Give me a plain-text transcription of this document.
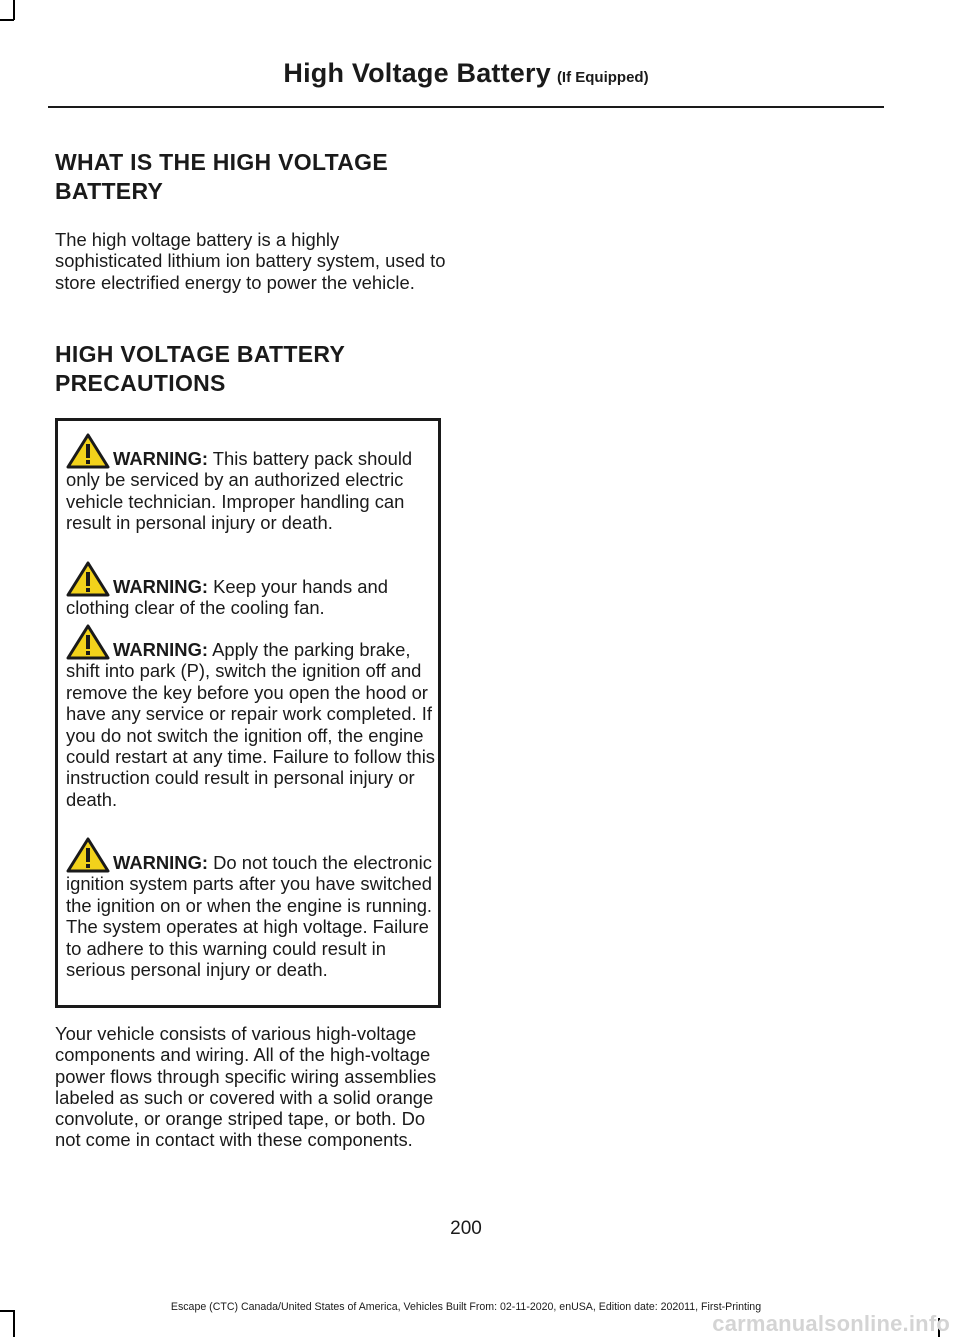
High Voltage Battery (If Equipped)
WHAT IS THE HIGH VOLTAGE BATTERY

The high voltage battery is a highly sophisticated lithium ion battery system, used to store electrified energy to power the vehicle.

HIGH VOLTAGE BATTERY PRECAUTIONS

WARNING: This battery pack should only be serviced by an authorized electric vehicle technician. Improper handling can result in personal injury or death.

WARNING: Keep your hands and clothing clear of the cooling fan.

WARNING: Apply the parking brake, shift into park (P), switch the ignition off and remove the key before you open the hood or have any service or repair work completed. If you do not switch the ignition off, the engine could restart at any time. Failure to follow this instruction could result in personal injury or death.

WARNING: Do not touch the electronic ignition system parts after you have switched the ignition on or when the engine is running. The system operates at high voltage. Failure to adhere to this warning could result in serious personal injury or death.

Your vehicle consists of various high-voltage components and wiring. All of the high-voltage power flows through specific wiring assemblies labeled as such or covered with a solid orange convolute, or orange striped tape, or both. Do not come in contact with these components.

200
Escape (CTC) Canada/United States of America, Vehicles Built From: 02-11-2020, enUSA, Edition date: 202011, First-Printing
carmanualsonline.info
